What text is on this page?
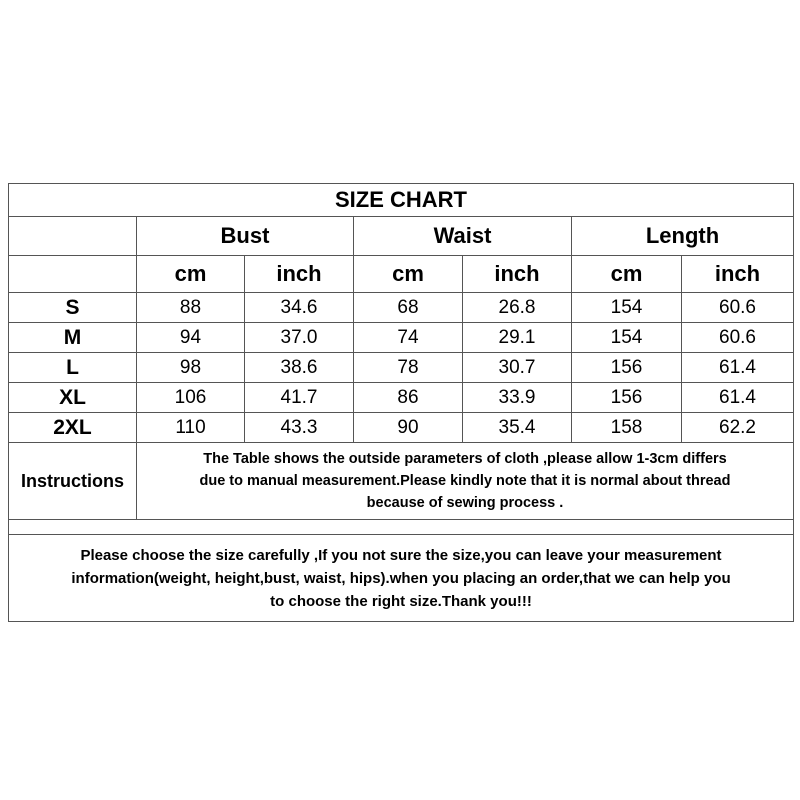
SIZE CHART						
	Bust		Waist		Length	
	cm	inch	cm	inch	cm	inch
S	88	34.6	68	26.8	154	60.6
M	94	37.0	74	29.1	154	60.6
L	98	38.6	78	30.7	156	61.4
XL	106	41.7	86	33.9	156	61.4
2XL	110	43.3	90	35.4	158	62.2
Instructions	The Table shows the outside parameters of cloth ,please allow 1-3cm differs
due to manual measurement.Please kindly note that it is normal about thread
because of sewing process .					

Please choose the size carefully ,If you not sure the size,you can leave your measurement
information(weight, height,bust, waist, hips).when you placing an order,that we can help you
to choose the right size.Thank you!!!						
